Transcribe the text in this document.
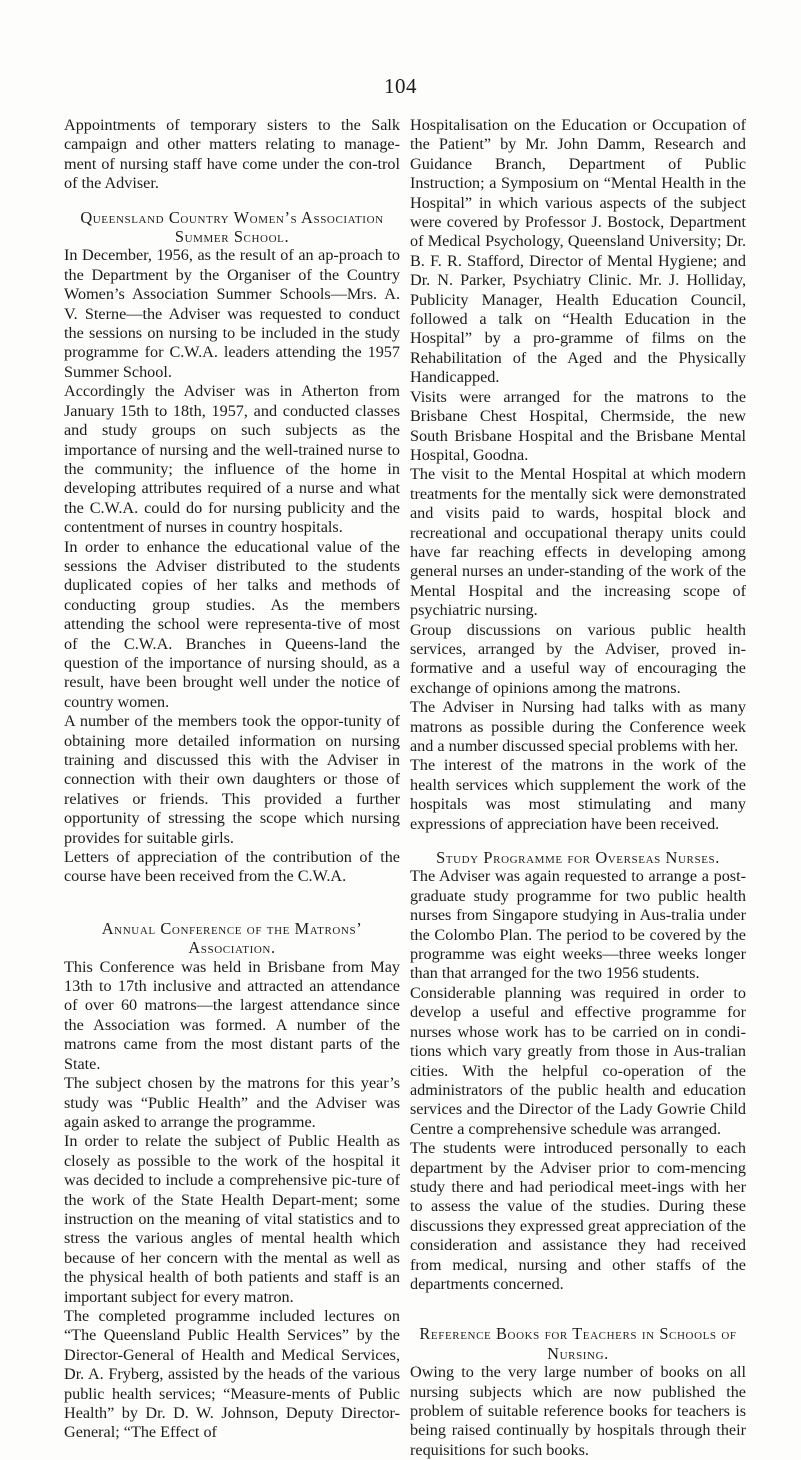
104

Appointments of temporary sisters to the Salk campaign and other matters relating to manage-ment of nursing staff have come under the con-trol of the Adviser.

Queensland Country Women’s Association
Summer School.

In December, 1956, as the result of an ap-proach to the Department by the Organiser of the Country Women’s Association Summer Schools—Mrs. A. V. Sterne—the Adviser was requested to conduct the sessions on nursing to be included in the study programme for C.W.A. leaders attending the 1957 Summer School.

Accordingly the Adviser was in Atherton from January 15th to 18th, 1957, and conducted classes and study groups on such subjects as the importance of nursing and the well-trained nurse to the community; the influence of the home in developing attributes required of a nurse and what the C.W.A. could do for nursing publicity and the contentment of nurses in country hospitals.

In order to enhance the educational value of the sessions the Adviser distributed to the students duplicated copies of her talks and methods of conducting group studies. As the members attending the school were representa-tive of most of the C.W.A. Branches in Queens-land the question of the importance of nursing should, as a result, have been brought well under the notice of country women.

A number of the members took the oppor-tunity of obtaining more detailed information on nursing training and discussed this with the Adviser in connection with their own daughters or those of relatives or friends. This provided a further opportunity of stressing the scope which nursing provides for suitable girls.

Letters of appreciation of the contribution of the course have been received from the C.W.A.

Annual Conference of the Matrons’
Association.

This Conference was held in Brisbane from May 13th to 17th inclusive and attracted an attendance of over 60 matrons—the largest attendance since the Association was formed. A number of the matrons came from the most distant parts of the State.

The subject chosen by the matrons for this year’s study was “Public Health” and the Adviser was again asked to arrange the programme.

In order to relate the subject of Public Health as closely as possible to the work of the hospital it was decided to include a comprehensive pic-ture of the work of the State Health Depart-ment; some instruction on the meaning of vital statistics and to stress the various angles of mental health which because of her concern with the mental as well as the physical health of both patients and staff is an important subject for every matron.

The completed programme included lectures on “The Queensland Public Health Services” by the Director-General of Health and Medical Services, Dr. A. Fryberg, assisted by the heads of the various public health services; “Measure-ments of Public Health” by Dr. D. W. Johnson, Deputy Director-General; “The Effect of

Hospitalisation on the Education or Occupation of the Patient” by Mr. John Damm, Research and Guidance Branch, Department of Public Instruction; a Symposium on “Mental Health in the Hospital” in which various aspects of the subject were covered by Professor J. Bostock, Department of Medical Psychology, Queensland University; Dr. B. F. R. Stafford, Director of Mental Hygiene; and Dr. N. Parker, Psychiatry Clinic. Mr. J. Holliday, Publicity Manager, Health Education Council, followed a talk on “Health Education in the Hospital” by a pro-gramme of films on the Rehabilitation of the Aged and the Physically Handicapped.

Visits were arranged for the matrons to the Brisbane Chest Hospital, Chermside, the new South Brisbane Hospital and the Brisbane Mental Hospital, Goodna.

The visit to the Mental Hospital at which modern treatments for the mentally sick were demonstrated and visits paid to wards, hospital block and recreational and occupational therapy units could have far reaching effects in developing among general nurses an under-standing of the work of the Mental Hospital and the increasing scope of psychiatric nursing.

Group discussions on various public health services, arranged by the Adviser, proved in-formative and a useful way of encouraging the exchange of opinions among the matrons.

The Adviser in Nursing had talks with as many matrons as possible during the Conference week and a number discussed special problems with her.

The interest of the matrons in the work of the health services which supplement the work of the hospitals was most stimulating and many expressions of appreciation have been received.

Study Programme for Overseas Nurses.

The Adviser was again requested to arrange a post-graduate study programme for two public health nurses from Singapore studying in Aus-tralia under the Colombo Plan. The period to be covered by the programme was eight weeks—three weeks longer than that arranged for the two 1956 students.

Considerable planning was required in order to develop a useful and effective programme for nurses whose work has to be carried on in condi-tions which vary greatly from those in Aus-tralian cities. With the helpful co-operation of the administrators of the public health and education services and the Director of the Lady Gowrie Child Centre a comprehensive schedule was arranged.

The students were introduced personally to each department by the Adviser prior to com-mencing study there and had periodical meet-ings with her to assess the value of the studies. During these discussions they expressed great appreciation of the consideration and assistance they had received from medical, nursing and other staffs of the departments concerned.

Reference Books for Teachers in Schools of
Nursing.

Owing to the very large number of books on all nursing subjects which are now published the problem of suitable reference books for teachers is being raised continually by hospitals through their requisitions for such books.
